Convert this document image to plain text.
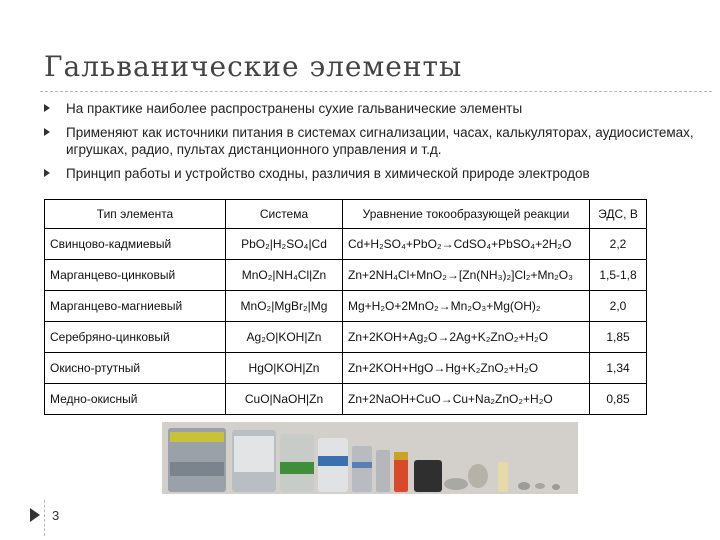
Гальванические элементы
На практике наиболее распространены сухие гальванические элементы
Применяют как источники питания в системах сигнализации, часах, калькуляторах, аудиосистемах, игрушках, радио, пультах дистанционного управления и т.д.
Принцип работы и устройство сходны, различия в химической природе электродов
Тип элемента	Система	Уравнение токообразующей реакции	ЭДС, В
Свинцово-кадмиевый	PbO₂|H₂SO₄|Cd	Cd+H₂SO₄+PbO₂→CdSO₄+PbSO₄+2H₂O	2,2
Марганцево-цинковый	MnO₂|NH₄Cl|Zn	Zn+2NH₄Cl+MnO₂→[Zn(NH₃)₂]Cl₂+Mn₂O₃	1,5-1,8
Марганцево-магниевый	MnO₂|MgBr₂|Mg	Mg+H₂O+2MnO₂→Mn₂O₃+Mg(OH)₂	2,0
Серебряно-цинковый	Ag₂O|KOH|Zn	Zn+2KOH+Ag₂O→2Ag+K₂ZnO₂+H₂O	1,85
Окисно-ртутный	HgO|KOH|Zn	Zn+2KOH+HgO→Hg+K₂ZnO₂+H₂O	1,34
Медно-окисный	CuO|NaOH|Zn	Zn+2NaOH+CuO→Cu+Na₂ZnO₂+H₂O	0,85
3
